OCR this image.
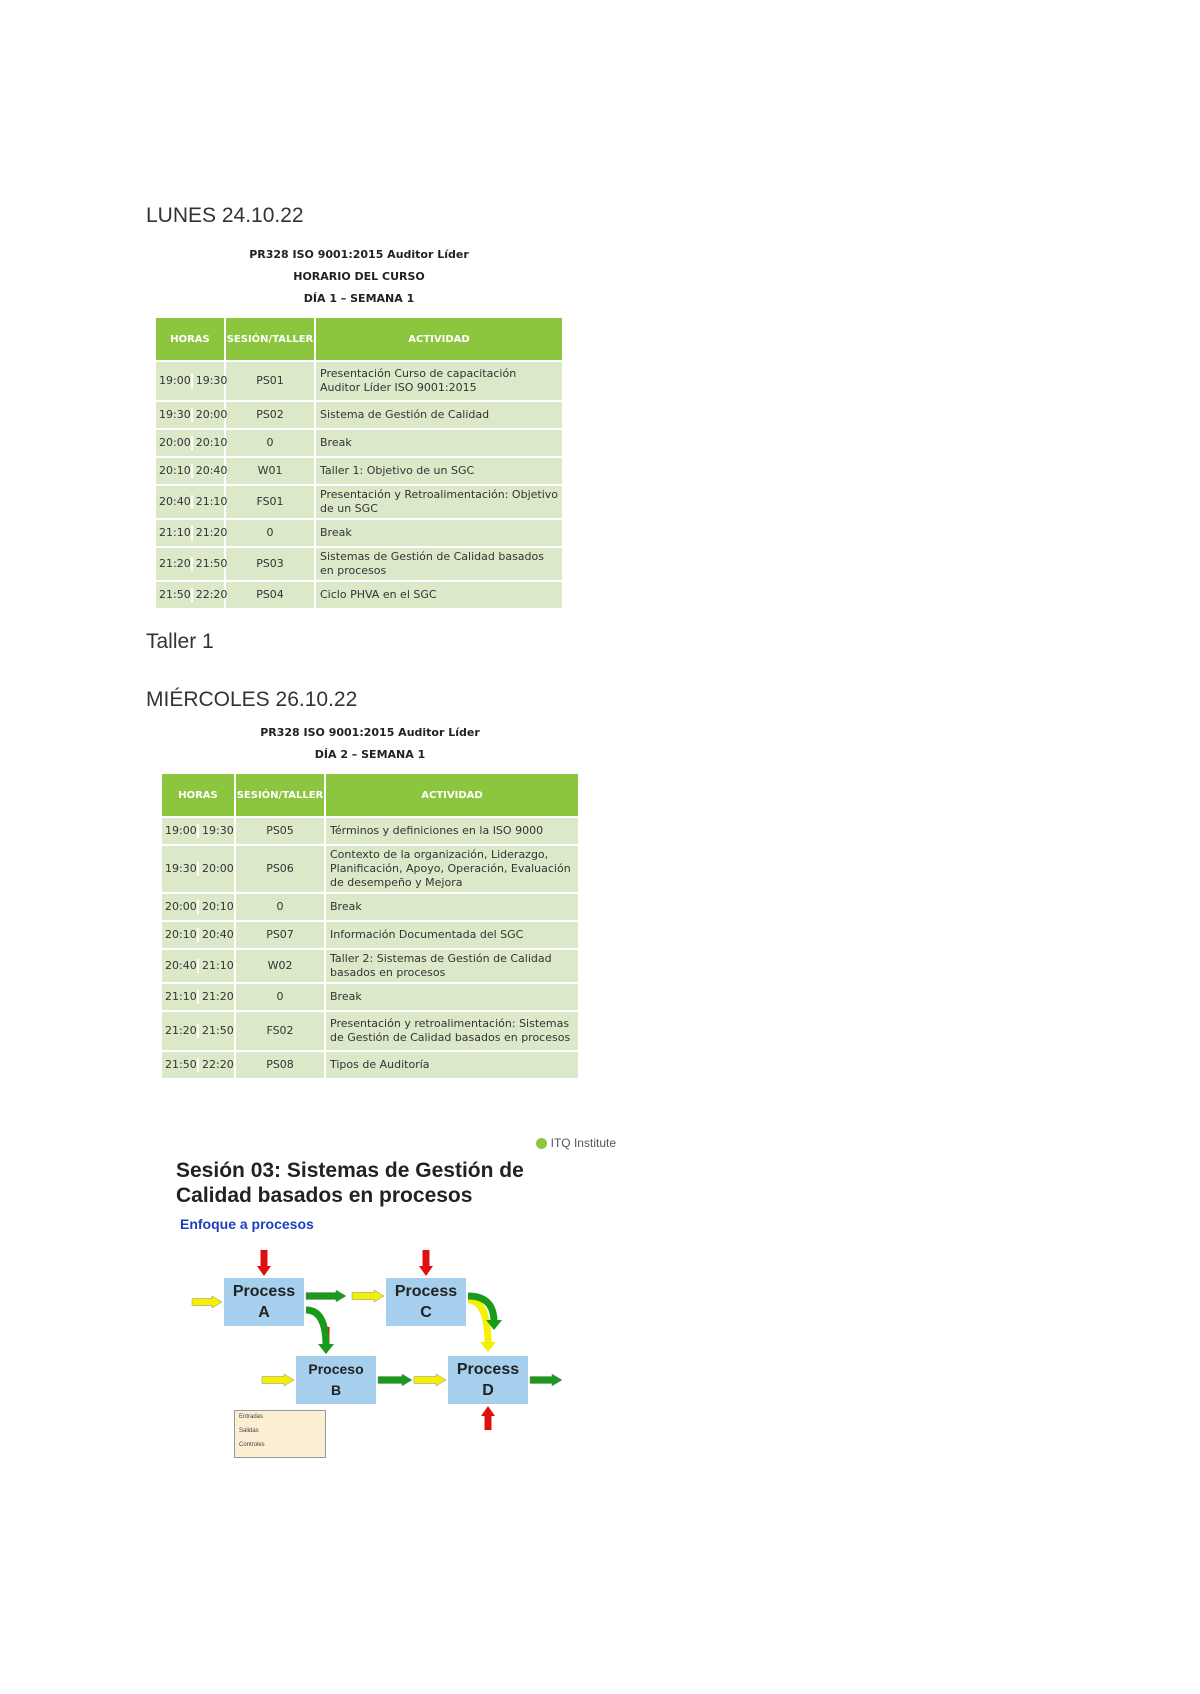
LUNES 24.10.22
PR328 ISO 9001:2015 Auditor Líder
HORARIO DEL CURSO
DÍA 1 – SEMANA 1
HORAS	SESIÓN/TALLER	ACTIVIDAD

19:00 19:30	PS01	Presentación Curso de capacitación Auditor Líder ISO 9001:2015

19:30 20:00	PS02	Sistema de Gestión de Calidad

20:00 20:10	0	Break

20:10 20:40	W01	Taller 1: Objetivo de un SGC

20:40 21:10	FS01	Presentación y Retroalimentación: Objetivo de un SGC

21:10 21:20	0	Break

21:20 21:50	PS03	Sistemas de Gestión de Calidad basados en procesos

21:50 22:20	PS04	Ciclo PHVA en el SGC
Taller 1
MIÉRCOLES 26.10.22
PR328 ISO 9001:2015 Auditor Líder
DÍA 2 – SEMANA 1
HORAS	SESIÓN/TALLER	ACTIVIDAD

19:00 19:30	PS05	Términos y definiciones en la ISO 9000

19:30 20:00	PS06	Contexto de la organización, Liderazgo, Planificación, Apoyo, Operación, Evaluación de desempeño y Mejora

20:00 20:10	0	Break

20:10 20:40	PS07	Información Documentada del SGC

20:40 21:10	W02	Taller 2: Sistemas de Gestión de Calidad basados en procesos

21:10 21:20	0	Break

21:20 21:50	FS02	Presentación y retroalimentación: Sistemas de Gestión de Calidad basados en procesos

21:50 22:20	PS08	Tipos de Auditoría
ITQ Institute
Sesión 03: Sistemas de Gestión de Calidad basados en procesos
Enfoque a procesos
Process
A
Proceso
B
Process
C
Process
D
Entradas
Salidas
Controles
